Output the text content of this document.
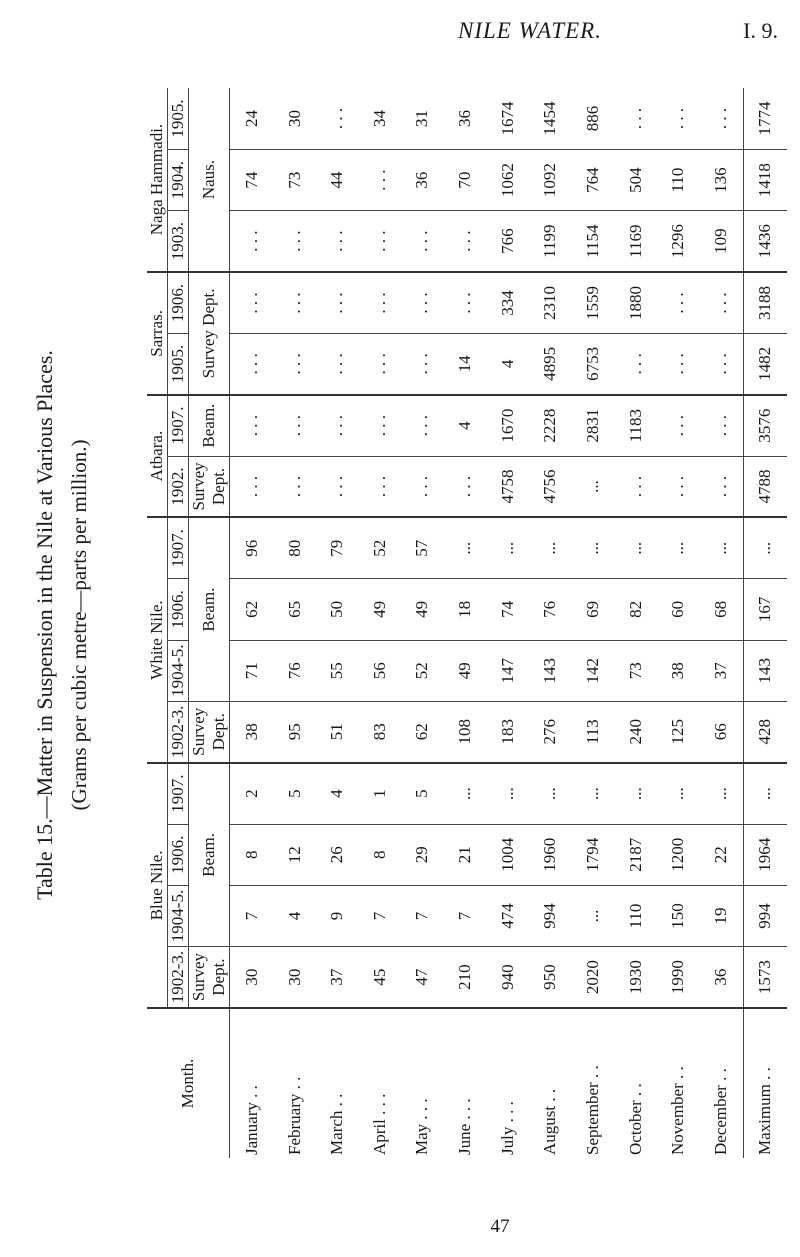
NILE WATER.	I. 9.
Table 15.—Matter in Suspension in the Nile at Various Places. (Grams per cubic metre—parts per million.)
Month.	Blue Nile.				White Nile.				Atbara.		Sarras.		Naga Hammadi.		
	1902-3.	1904-5.	1906.	1907.	1902-3.	1904-5.	1906.	1907.	1902.	1907.	1905.	1906.	1903.	1904.	1905.
	Survey Dept.	Beam.			Survey Dept.	Beam.			Survey Dept.	Beam.	Survey Dept.		Naus.		
January . .	30	7	8	2	38	71	62	96	. . .	. . .	. . .	. . .	. . .	74	24
February . .	30	4	12	5	95	76	65	80	. . .	. . .	. . .	. . .	. . .	73	30
March . .	37	9	26	4	51	55	50	79	. . .	. . .	. . .	. . .	. . .	44	. . .
April . . .	45	7	8	1	83	56	49	52	. . .	. . .	. . .	. . .	. . .	. . .	34
May . . .	47	7	29	5	62	52	49	57	. . .	. . .	. . .	. . .	. . .	36	31
June . . .	210	7	21	...	108	49	18	...	. . .	4	14	. . .	. . .	70	36
July . . .	940	474	1004	...	183	147	74	...	4758	1670	4	334	766	1062	1674
August . .	950	994	1960	...	276	143	76	...	4756	2228	4895	2310	1199	1092	1454
September . .	2020	...	1794	...	113	142	69	...	...	2831	6753	1559	1154	764	886
October . .	1930	110	2187	...	240	73	82	...	. . .	1183	. . .	1880	1169	504	. . .
November . .	1990	150	1200	...	125	38	60	...	. . .	. . .	. . .	. . .	1296	110	. . .
December . .	36	19	22	...	66	37	68	...	. . .	. . .	. . .	. . .	109	136	. . .
Maximum . .	1573	994	1964	...	428	143	167	...	4788	3576	1482	3188	1436	1418	1774
47
